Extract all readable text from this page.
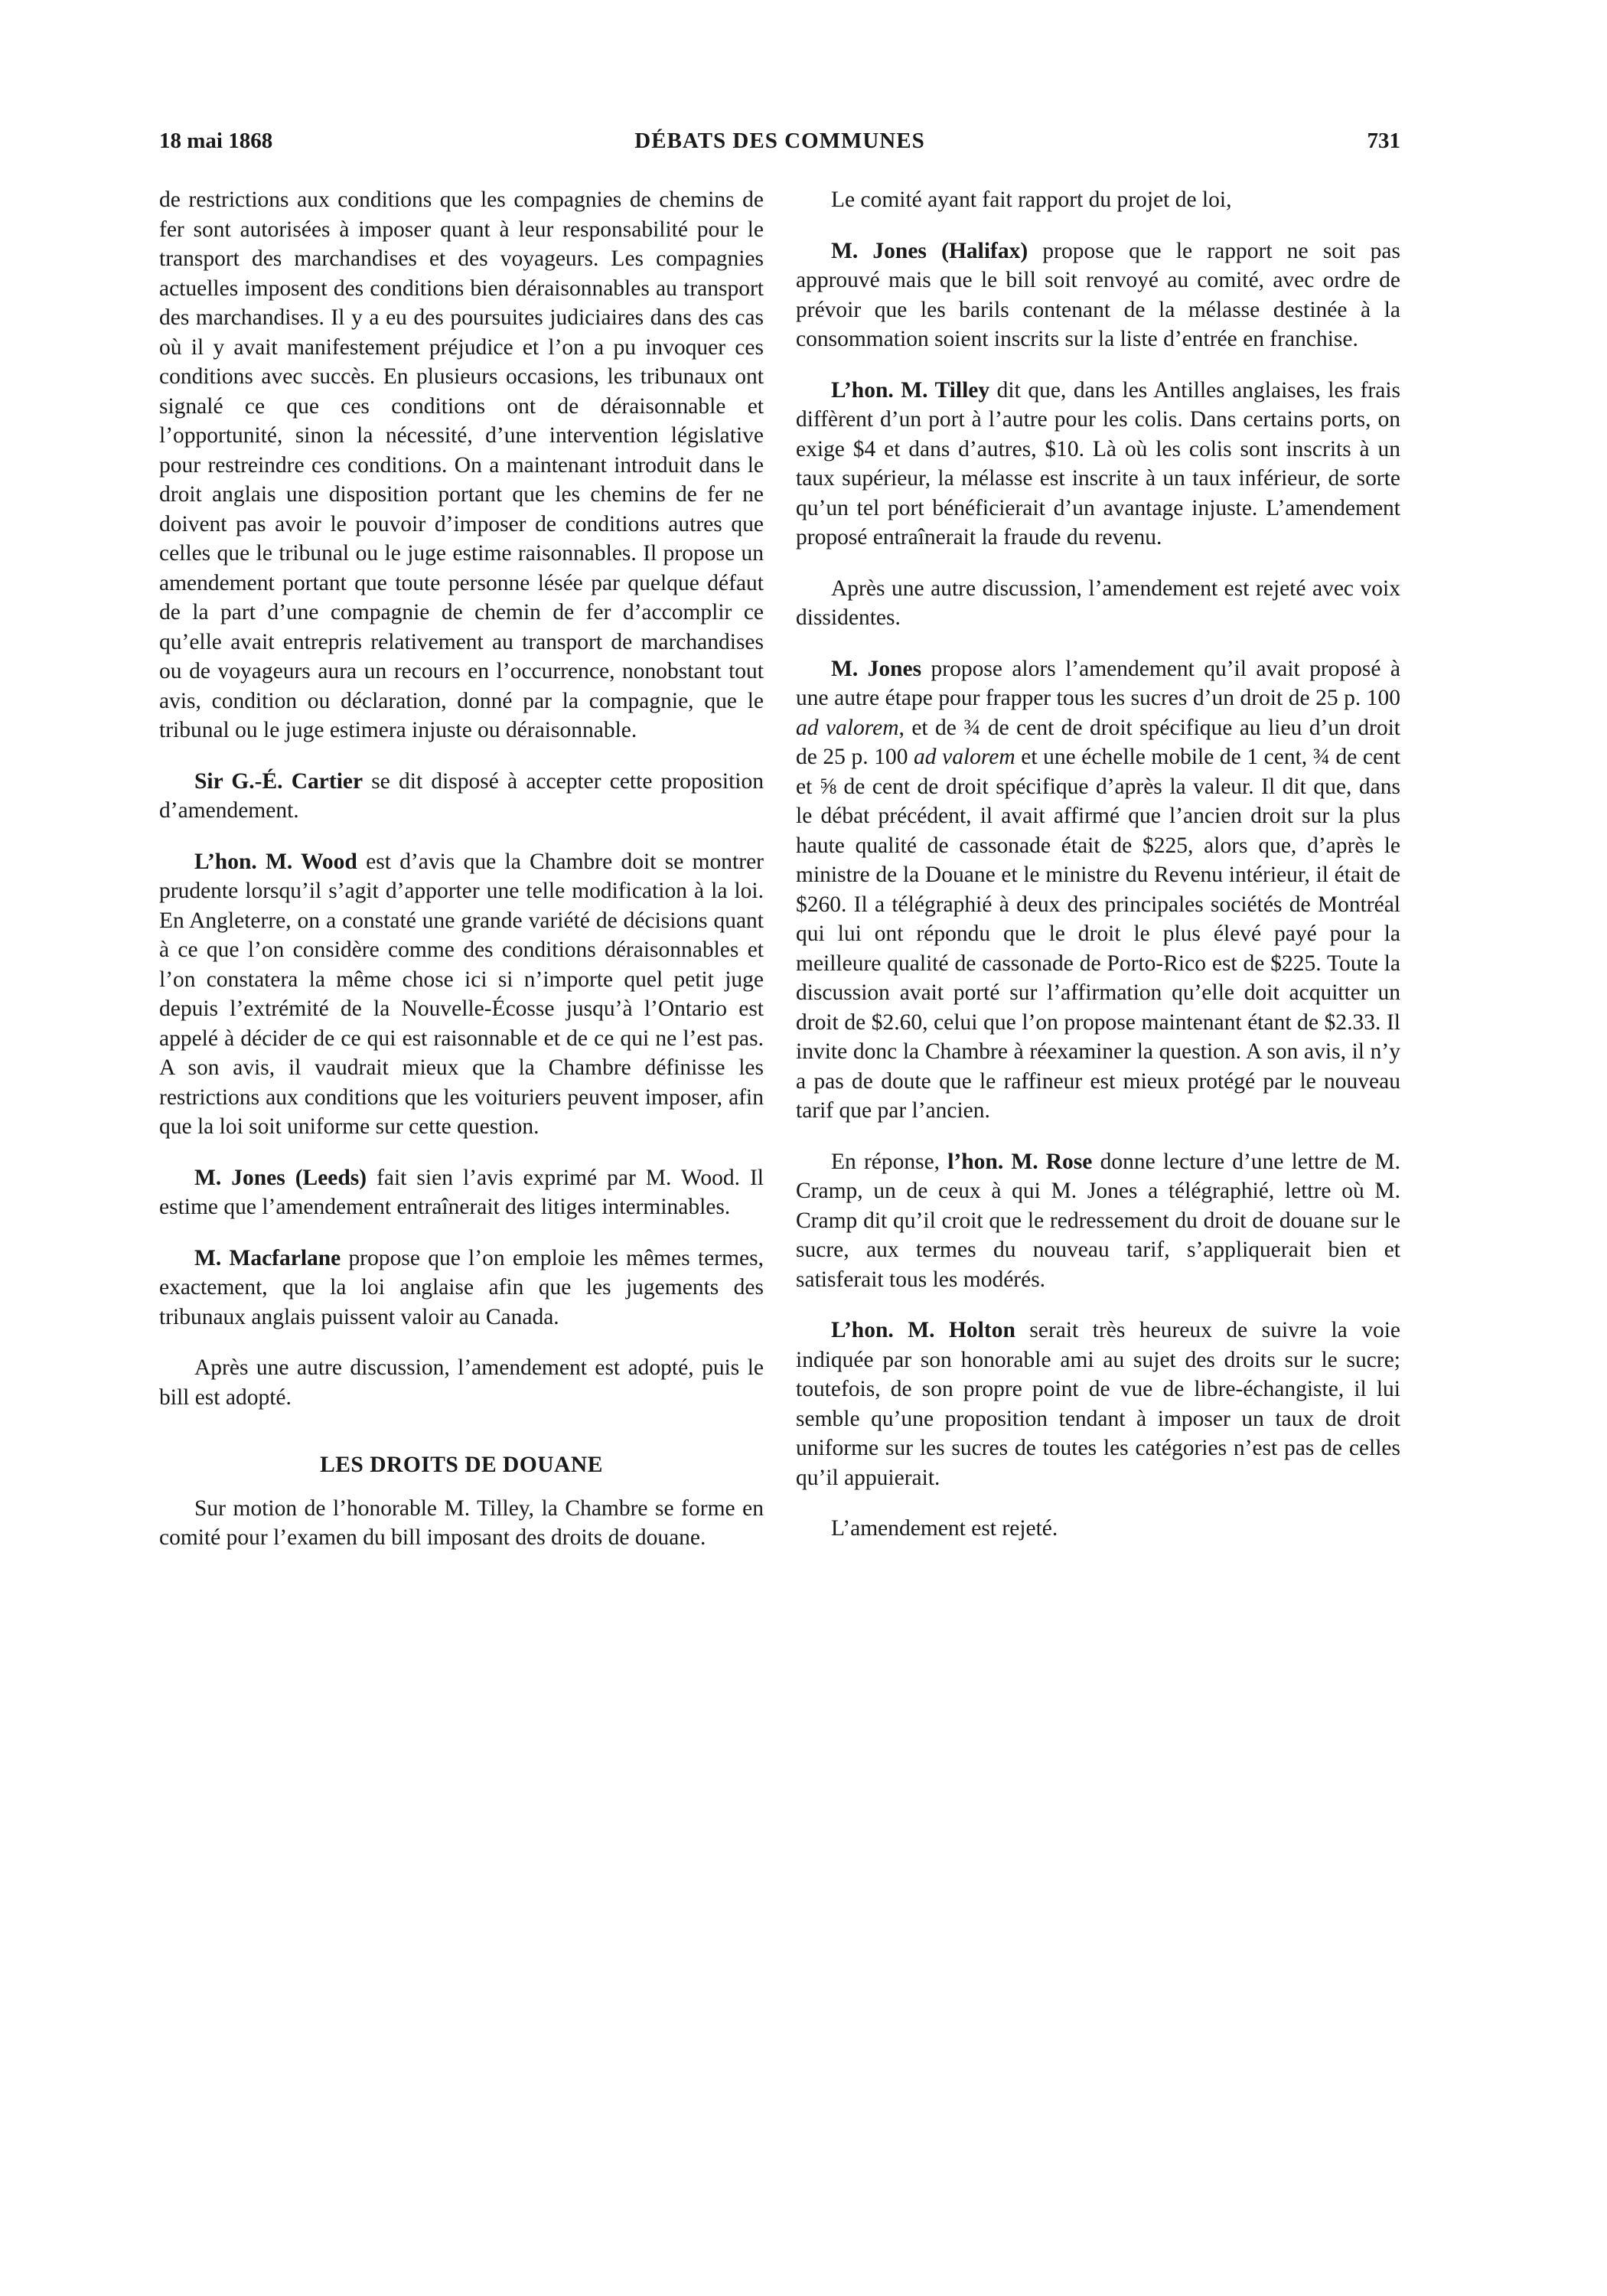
18 mai 1868	DÉBATS DES COMMUNES	731

de restrictions aux conditions que les compagnies de chemins de fer sont autorisées à imposer quant à leur responsabilité pour le transport des marchandises et des voyageurs. Les compagnies actuelles imposent des conditions bien déraisonnables au transport des marchandises. Il y a eu des poursuites judiciaires dans des cas où il y avait manifestement préjudice et l’on a pu invoquer ces conditions avec succès. En plusieurs occasions, les tribunaux ont signalé ce que ces conditions ont de déraisonnable et l’opportunité, sinon la nécessité, d’une intervention législative pour restreindre ces conditions. On a maintenant introduit dans le droit anglais une disposition portant que les chemins de fer ne doivent pas avoir le pouvoir d’imposer de conditions autres que celles que le tribunal ou le juge estime raisonnables. Il propose un amendement portant que toute personne lésée par quelque défaut de la part d’une compagnie de chemin de fer d’accomplir ce qu’elle avait entrepris relativement au transport de marchandises ou de voyageurs aura un recours en l’occurrence, nonobstant tout avis, condition ou déclaration, donné par la compagnie, que le tribunal ou le juge estimera injuste ou déraisonnable.

Sir G.-É. Cartier se dit disposé à accepter cette proposition d’amendement.

L’hon. M. Wood est d’avis que la Chambre doit se montrer prudente lorsqu’il s’agit d’apporter une telle modification à la loi. En Angleterre, on a constaté une grande variété de décisions quant à ce que l’on considère comme des conditions déraisonnables et l’on constatera la même chose ici si n’importe quel petit juge depuis l’extrémité de la Nouvelle-Écosse jusqu’à l’Ontario est appelé à décider de ce qui est raisonnable et de ce qui ne l’est pas. A son avis, il vaudrait mieux que la Chambre définisse les restrictions aux conditions que les voituriers peuvent imposer, afin que la loi soit uniforme sur cette question.

M. Jones (Leeds) fait sien l’avis exprimé par M. Wood. Il estime que l’amendement entraînerait des litiges interminables.

M. Macfarlane propose que l’on emploie les mêmes termes, exactement, que la loi anglaise afin que les jugements des tribunaux anglais puissent valoir au Canada.

Après une autre discussion, l’amendement est adopté, puis le bill est adopté.

LES DROITS DE DOUANE

Sur motion de l’honorable M. Tilley, la Chambre se forme en comité pour l’examen du bill imposant des droits de douane.

Le comité ayant fait rapport du projet de loi,

M. Jones (Halifax) propose que le rapport ne soit pas approuvé mais que le bill soit renvoyé au comité, avec ordre de prévoir que les barils contenant de la mélasse destinée à la consommation soient inscrits sur la liste d’entrée en franchise.

L’hon. M. Tilley dit que, dans les Antilles anglaises, les frais diffèrent d’un port à l’autre pour les colis. Dans certains ports, on exige $4 et dans d’autres, $10. Là où les colis sont inscrits à un taux supérieur, la mélasse est inscrite à un taux inférieur, de sorte qu’un tel port bénéficierait d’un avantage injuste. L’amendement proposé entraînerait la fraude du revenu.

Après une autre discussion, l’amendement est rejeté avec voix dissidentes.

M. Jones propose alors l’amendement qu’il avait proposé à une autre étape pour frapper tous les sucres d’un droit de 25 p. 100 ad valorem, et de ¾ de cent de droit spécifique au lieu d’un droit de 25 p. 100 ad valorem et une échelle mobile de 1 cent, ¾ de cent et ⅝ de cent de droit spécifique d’après la valeur. Il dit que, dans le débat précédent, il avait affirmé que l’ancien droit sur la plus haute qualité de cassonade était de $225, alors que, d’après le ministre de la Douane et le ministre du Revenu intérieur, il était de $260. Il a télégraphié à deux des principales sociétés de Montréal qui lui ont répondu que le droit le plus élevé payé pour la meilleure qualité de cassonade de Porto-Rico est de $225. Toute la discussion avait porté sur l’affirmation qu’elle doit acquitter un droit de $2.60, celui que l’on propose maintenant étant de $2.33. Il invite donc la Chambre à réexaminer la question. A son avis, il n’y a pas de doute que le raffineur est mieux protégé par le nouveau tarif que par l’ancien.

En réponse, l’hon. M. Rose donne lecture d’une lettre de M. Cramp, un de ceux à qui M. Jones a télégraphié, lettre où M. Cramp dit qu’il croit que le redressement du droit de douane sur le sucre, aux termes du nouveau tarif, s’appliquerait bien et satisferait tous les modérés.

L’hon. M. Holton serait très heureux de suivre la voie indiquée par son honorable ami au sujet des droits sur le sucre; toutefois, de son propre point de vue de libre-échangiste, il lui semble qu’une proposition tendant à imposer un taux de droit uniforme sur les sucres de toutes les catégories n’est pas de celles qu’il appuierait.

L’amendement est rejeté.
